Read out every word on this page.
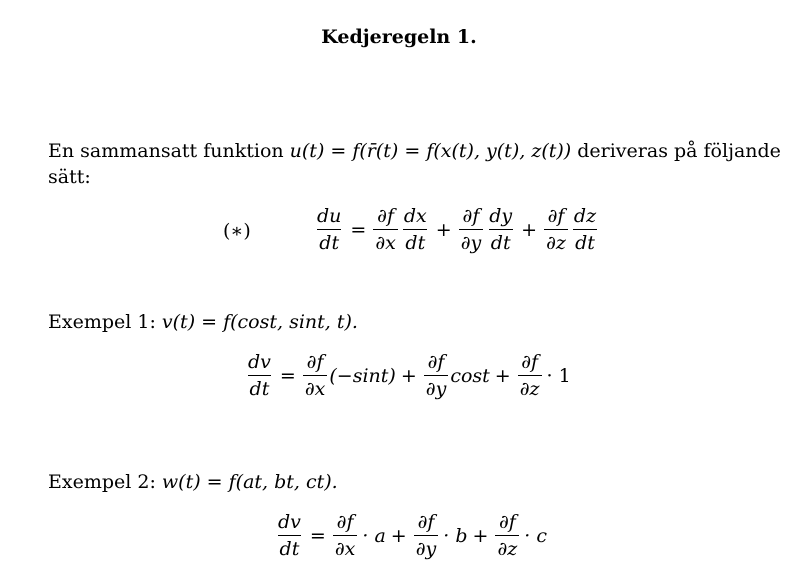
Kedjeregeln 1.
En sammansatt funktion u(t) = f(r̄(t) = f(x(t), y(t), z(t)) deriveras på följande
sätt:
(∗)	$\frac{du}{dt} = \frac{\partial f}{\partial x} \frac{dx}{dt} + \frac{\partial f}{\partial y} \frac{dy}{dt} + \frac{\partial f}{\partial z} \frac{dz}{dt}$
Exempel 1: v(t) = f(cost, sint, t).
$\frac{dv}{dt} = \frac{\partial f}{\partial x} (-\sin t) + \frac{\partial f}{\partial y}$ $\cos t + \frac{\partial f}{\partial z} \cdot 1$
Exempel 2: w(t) = f(at, bt, ct).
$\frac{dv}{dt} = \frac{\partial f}{\partial x} \cdot a + \frac{\partial f}{\partial y} \cdot b + \frac{\partial f}{\partial z} \cdot c$
